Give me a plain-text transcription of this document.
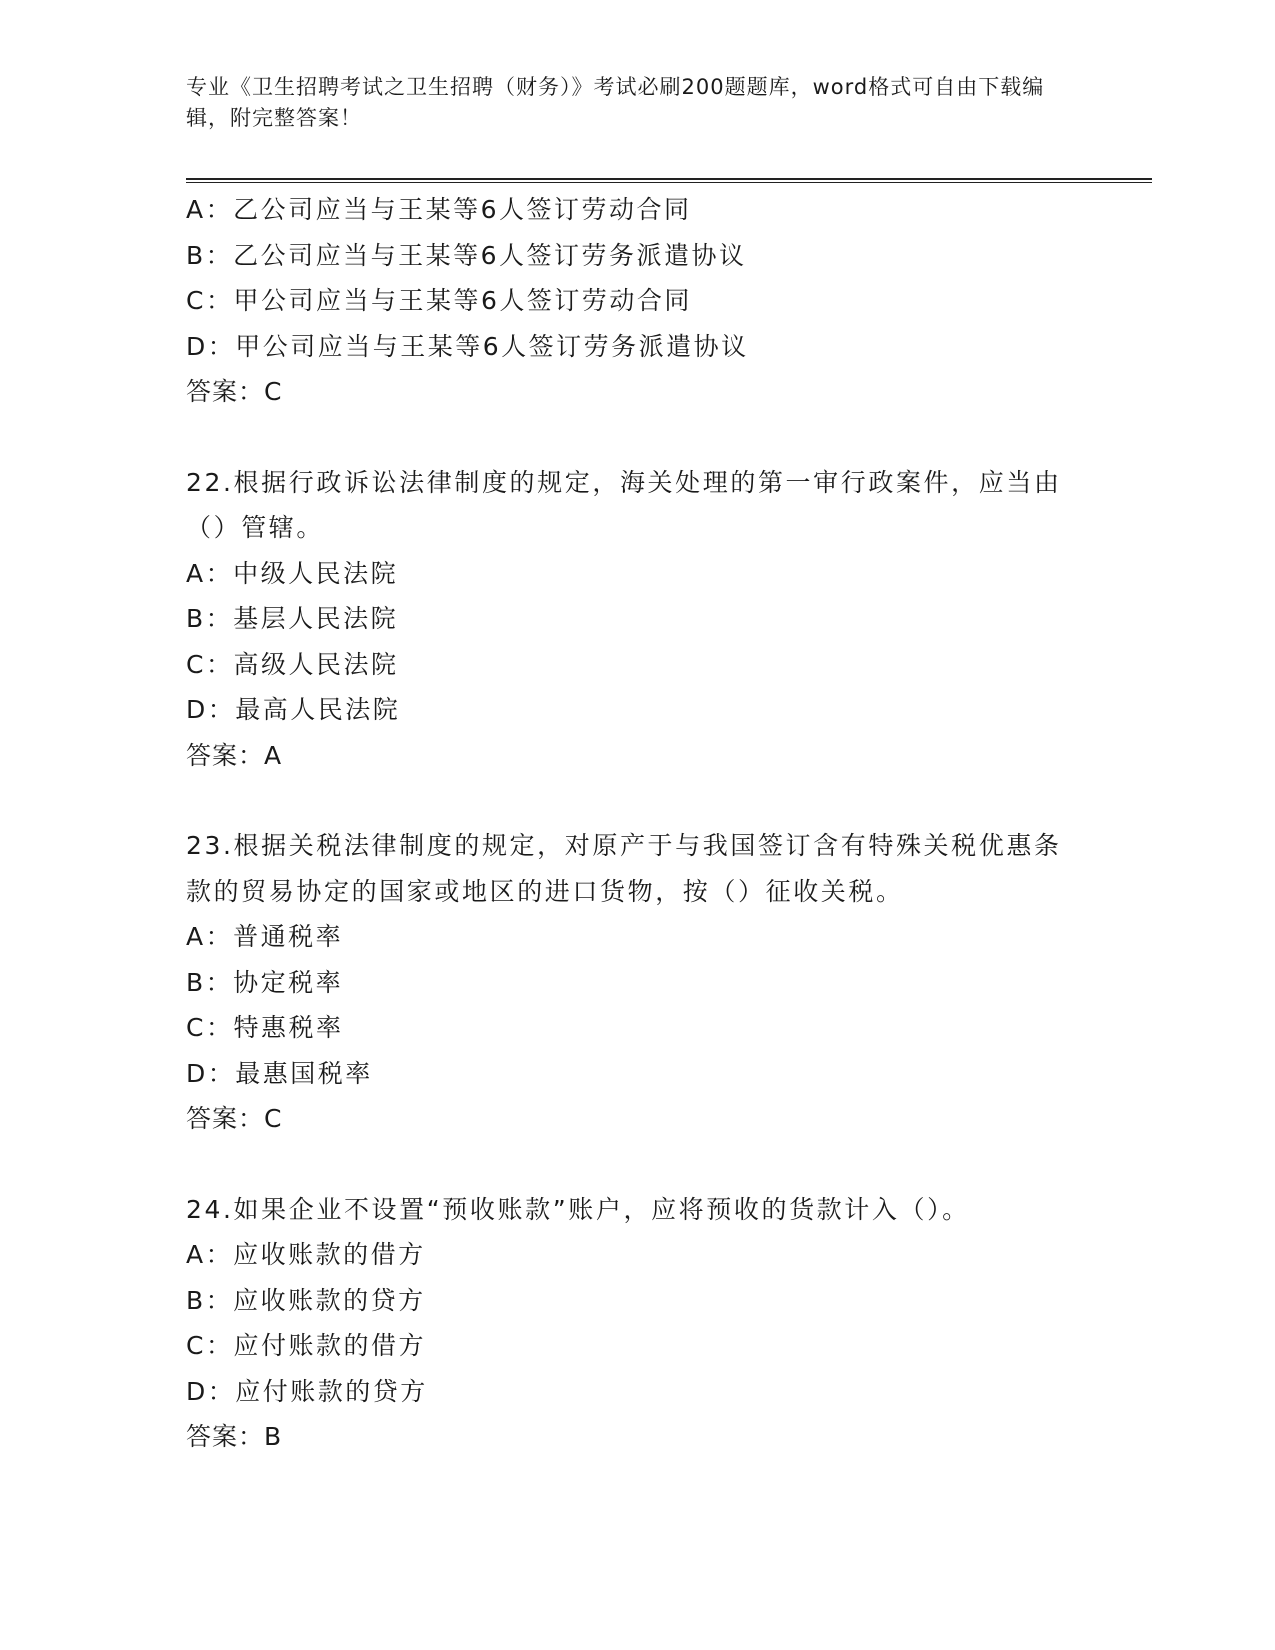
专业《卫生招聘考试之卫生招聘（财务）》考试必刷200题题库，word格式可自由下载编辑，附完整答案！
A：乙公司应当与王某等6人签订劳动合同
B：乙公司应当与王某等6人签订劳务派遣协议
C：甲公司应当与王某等6人签订劳动合同
D：甲公司应当与王某等6人签订劳务派遣协议
答案：C
22.根据行政诉讼法律制度的规定，海关处理的第一审行政案件，应当由（）管辖。
A：中级人民法院
B：基层人民法院
C：高级人民法院
D：最高人民法院
答案：A
23.根据关税法律制度的规定，对原产于与我国签订含有特殊关税优惠条款的贸易协定的国家或地区的进口货物，按（）征收关税。
A：普通税率
B：协定税率
C：特惠税率
D：最惠国税率
答案：C
24.如果企业不设置“预收账款”账户，应将预收的货款计入（）。
A：应收账款的借方
B：应收账款的贷方
C：应付账款的借方
D：应付账款的贷方
答案：B
